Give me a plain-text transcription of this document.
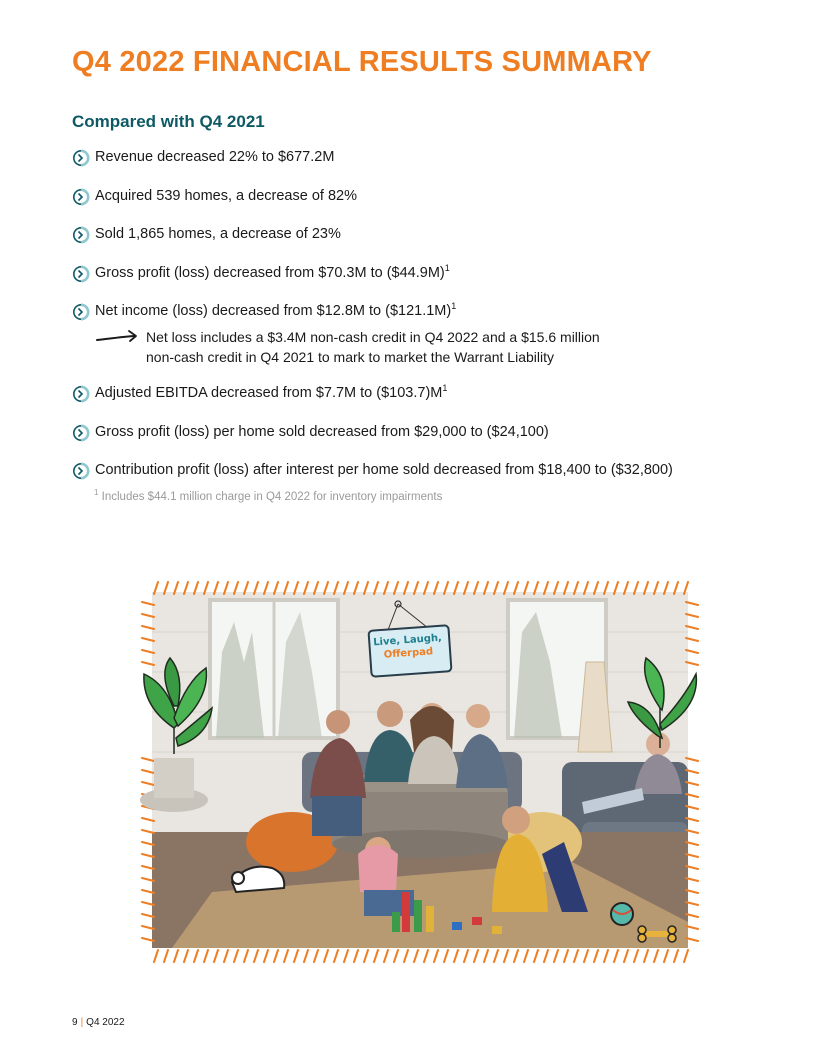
Q4 2022 FINANCIAL RESULTS SUMMARY
Compared with Q4 2021
Revenue decreased 22% to $677.2M
Acquired 539 homes, a decrease of 82%
Sold 1,865 homes, a decrease of 23%
Gross profit (loss) decreased from $70.3M to ($44.9M)$^1$
Net income (loss) decreased from $12.8M to ($121.1M)$^1$
Net loss includes a $3.4M non-cash credit in Q4 2022 and a $15.6 million
non-cash credit in Q4 2021 to mark to market the Warrant Liability
Adjusted EBITDA decreased from $7.7M to $(\$103.7)M^1$
Gross profit (loss) per home sold decreased from $29,000 to ($24,100)
Contribution profit (loss) after interest per home sold decreased from $18,400 to ($32,800)
$^1$ Includes $44.1 million charge in Q4 2022 for inventory impairments
Live, Laugh,
Offerpad
9 | Q4 2022
